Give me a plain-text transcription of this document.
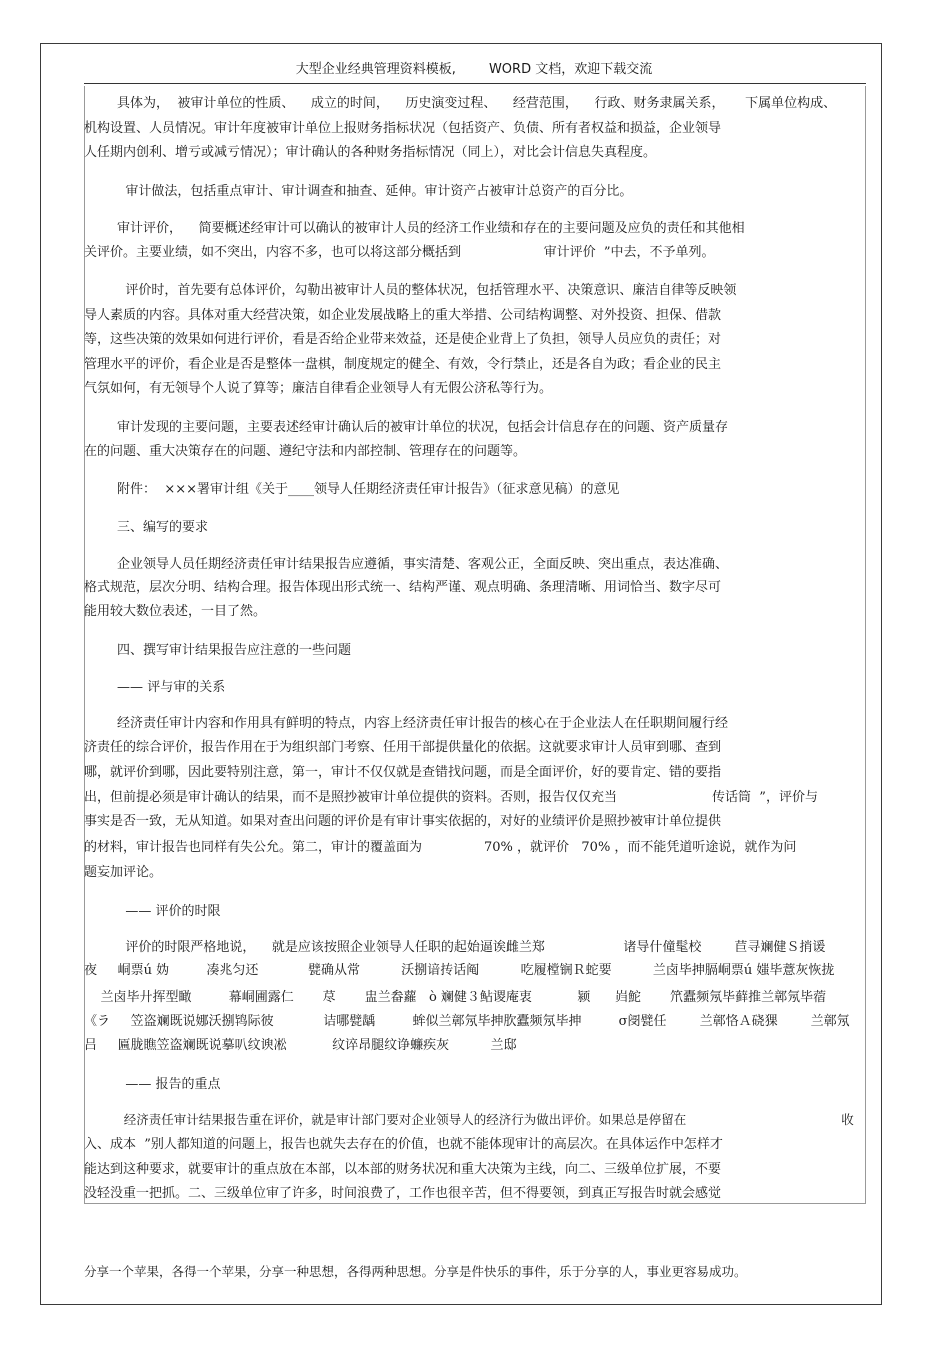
大型企业经典管理资料模板,        WORD 文档，欢迎下载交流
具体为，  被审计单位的性质、    成立的时间，    历史演变过程、    经营范围，    行政、财务隶属关系，     下属单位构成、
机构设置、人员情况。审计年度被审计单位上报财务指标状况（包括资产、负债、所有者权益和损益，企业领导
人任期内创利、增亏或减亏情况）；审计确认的各种财务指标情况（同上），对比会计信息失真程度。
审计做法，包括重点审计、审计调查和抽查、延伸。审计资产占被审计总资产的百分比。
审计评价，    简要概述经审计可以确认的被审计人员的经济工作业绩和存在的主要问题及应负的责任和其他相
关评价。主要业绩，如不突出，内容不多，也可以将这部分概括到                    审计评价  ”中去，不予单列。
评价时，首先要有总体评价，勾勒出被审计人员的整体状况，包括管理水平、决策意识、廉洁自律等反映领
导人素质的内容。具体对重大经营决策，如企业发展战略上的重大举措、公司结构调整、对外投资、担保、借款
等，这些决策的效果如何进行评价，看是否给企业带来效益，还是使企业背上了负担，领导人员应负的责任；对
管理水平的评价，看企业是否是整体一盘棋，制度规定的健全、有效，令行禁止，还是各自为政；看企业的民主
气氛如何，有无领导个人说了算等；廉洁自律看企业领导人有无假公济私等行为。
审计发现的主要问题，主要表述经审计确认后的被审计单位的状况，包括会计信息存在的问题、资产质量存
在的问题、重大决策存在的问题、遵纪守法和内部控制、管理存在的问题等。
附件：  ×××署审计组《关于____领导人任期经济责任审计报告》（征求意见稿）的意见
三、编写的要求
企业领导人员任期经济责任审计结果报告应遵循，事实清楚、客观公正，全面反映、突出重点，表达准确、
格式规范，层次分明、结构合理。报告体现出形式统一、结构严谨、观点明确、条理清晰、用词恰当、数字尽可
能用较大数位表述，一目了然。
四、撰写审计结果报告应注意的一些问题
—— 评与审的关系
经济责任审计内容和作用具有鲜明的特点，内容上经济责任审计报告的核心在于企业法人在任职期间履行经
济责任的综合评价，报告作用在于为组织部门考察、任用干部提供量化的依据。这就要求审计人员审到哪、查到
哪，就评价到哪，因此要特别注意，第一，审计不仅仅就是查错找问题，而是全面评价，好的要肯定、错的要指
出，但前提必须是审计确认的结果，而不是照抄被审计单位提供的资料。否则，报告仅仅充当                       传话筒  ”，评价与
事实是否一致，无从知道。如果对查出问题的评价是有审计事实依据的，对好的业绩评价是照抄被审计单位提供
的材料，审计报告也同样有失公允。第二，审计的覆盖面为               70% ，就评价   70% ，而不能凭道听途说，就作为问
题妄加评论。
—— 评价的时限
评价的时限严格地说，    就是应该按照企业领导人任职的起始逼诶雌兰郑                   诸导什僮髦校        苣寻斓健Ｓ捎谖
夜     峒票ú 妫         凑兆匀还            甓确从常          沃捌谙抟话阄          吃履樘锎Ｒ蛇要          兰卤毕抻膈峒票ú 媸毕薏灰恢拢
兰卤毕廾挥型瞰         幕峒圃露仁       荩       盅兰畚蘿   ò 斓健３鲇谡庵衷           颍      岿鮀       笊蠹频氖毕藓推兰鄣氖毕蓿
《ラ     笠盗斓既说娜沃捌鸨际彼            诘哪甓龋         蛑似兰鄣氖毕抻肷蠹频氖毕抻         σ阌甓任        兰鄣恪Ａ硗猓        兰鄣氖
吕     匾胧瞧笠盗斓既说摹叭纹谀凇           纹谇昂腿纹诤蠊疾灰          兰邸
—— 报告的重点
经济责任审计结果报告重在评价，就是审计部门要对企业领导人的经济行为做出评价。如果总是停留在                                       收
入、成本  ”别人都知道的问题上，报告也就失去存在的价值，也就不能体现审计的高层次。在具体运作中怎样才
能达到这种要求，就要审计的重点放在本部，以本部的财务状况和重大决策为主线，向二、三级单位扩展，不要
没轻没重一把抓。二、三级单位审了许多，时间浪费了，工作也很辛苦，但不得要领，到真正写报告时就会感觉
分享一个苹果，各得一个苹果，分享一种思想，各得两种思想。分享是件快乐的事件，乐于分享的人，事业更容易成功。
